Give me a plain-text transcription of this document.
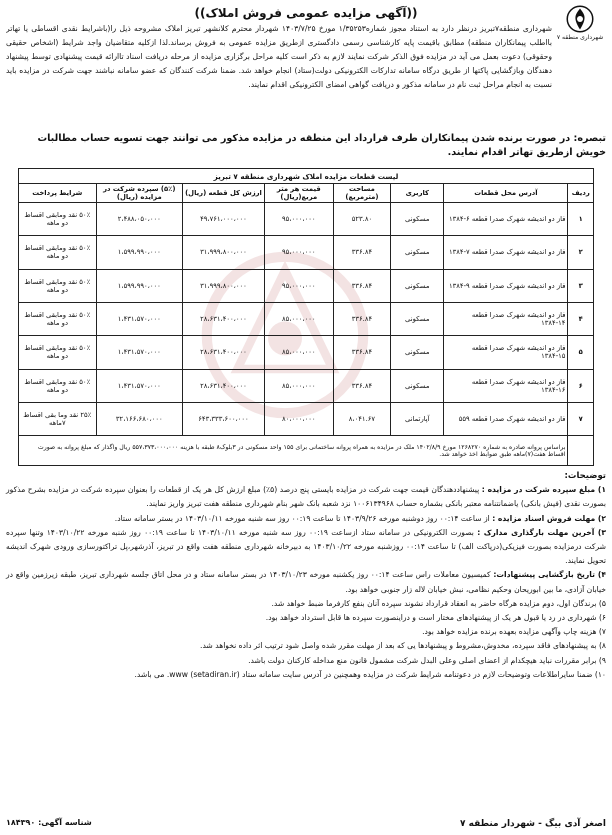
شهرداری منطقه ۷
((آگهی مزایده عمومی فروش املاک))
شهرداری منطقه۷تبریز درنظر دارد به استناد مجوز شماره۱/۳۵۲۵۳ مورخ ۱۴۰۳/۷/۲۵ شهردار محترم کلانشهر تبریز املاک مشروحه ذیل را(باشرایط نقدی اقساطی یا تهاتر بااطلب پیمانکاران منطقه) مطابق باقیمت پایه کارشناسی رسمی دادگستری ازطریق مزایده عمومی به فروش برساند.لذا ازکلیه متقاضیان واجد شرایط (اشخاص حقیقی وحقوقی) دعوت بعمل می آید در مزایده فوق الذکر شرکت نمایند لازم به ذکر است کلیه مراحل برگزاری مزایده از مرحله دریافت اسناد تاارائه قیمت پیشنهادی توسط پیشنهاد دهندگان وبازگشایی پاکتها از طریق درگاه سامانه تدارکات الکترونیکی دولت(ستاد) انجام خواهد شد. ضمنا شرکت کنندگان که عضو سامانه نباشند جهت شرکت در مزایده باید نسبت به انجام مراحل ثبت نام در سامانه مذکور و دریافت گواهی امضای الکترونیکی اقدام نمایند.
تبصره: در صورت برنده شدن پیمانکاران طرف قرارداد این منطقه در مزایده مذکور می توانند جهت تسویه حساب مطالبات خویش ازطریق تهاتر اقدام نمایند.
لیست قطعات مزایده املاک شهرداری منطقه ۷ تبریز							
ردیف	آدرس محل قطعات	کاربری	مساحت (مترمربع)	قیمت هر متر مربع(ریال)	ارزش کل قطعه (ریال)	(۵٪) سپرده شرکت در مزایده (ریال)	شرایط پرداخت
۱	فاز دو اندیشه شهرک صدرا قطعه ۶-۱۳۸۴	مسکونی	۵۲۳.۸۰	۹۵،۰۰۰،۰۰۰	۴۹،۷۶۱،۰۰۰،۰۰۰	۲،۴۸۸،۰۵۰،۰۰۰	۵۰٪ نقد ومابقی اقساط دو ماهه
۲	فاز دو اندیشه شهرک صدرا قطعه ۷-۱۳۸۴	مسکونی	۳۳۶.۸۴	۹۵،۰۰۰،۰۰۰	۳۱،۹۹۹،۸۰۰،۰۰۰	۱،۵۹۹،۹۹۰،۰۰۰	۵۰٪ نقد ومابقی اقساط دو ماهه
۳	فاز دو اندیشه شهرک صدرا قطعه ۹-۱۳۸۴	مسکونی	۳۳۶.۸۴	۹۵،۰۰۰،۰۰۰	۳۱،۹۹۹،۸۰۰،۰۰۰	۱،۵۹۹،۹۹۰،۰۰۰	۵۰٪ نقد ومابقی اقساط دو ماهه
۴	فاز دو اندیشه شهرک صدرا قطعه ۱۴-۱۳۸۴	مسکونی	۳۳۶.۸۴	۸۵،۰۰۰،۰۰۰	۲۸،۶۳۱،۴۰۰،۰۰۰	۱،۴۳۱،۵۷۰،۰۰۰	۵۰٪ نقد ومابقی اقساط دو ماهه
۵	فاز دو اندیشه شهرک صدرا قطعه ۱۵-۱۳۸۴	مسکونی	۳۳۶.۸۴	۸۵،۰۰۰،۰۰۰	۲۸،۶۳۱،۴۰۰،۰۰۰	۱،۴۳۱،۵۷۰،۰۰۰	۵۰٪ نقد ومابقی اقساط دو ماهه
۶	فاز دو اندیشه شهرک صدرا قطعه ۱۶-۱۳۸۴	مسکونی	۳۳۶.۸۴	۸۵،۰۰۰،۰۰۰	۲۸،۶۳۱،۴۰۰،۰۰۰	۱،۴۳۱،۵۷۰،۰۰۰	۵۰٪ نقد ومابقی اقساط دو ماهه
۷	فاز دو اندیشه شهرک صدرا قطعه ۵۵۹	آپارتمانی	۸،۰۴۱.۶۷	۸۰،۰۰۰،۰۰۰	۶۴۳،۳۳۳،۶۰۰،۰۰۰	۳۲،۱۶۶،۶۸۰،۰۰۰	۲۵٪ نقد وما بقی اقساط ۷ماهه
	براساس پروانه صادره به شماره ۱۲۶۸۲۷۰ مورخ ۱۴۰۲/۸/۹ ملک در مزایده به همراه پروانه ساختمانی برای ۱۵۵ واحد مسکونی در ۳بلوک۸ طبقه با هزینه ۵۵۷،۳۷۳،۰۰۰،۰۰۰ ریال واگذار که مبلغ پروانه به صورت اقساط هفت(۷)ماهه طبق ضوابط اخذ خواهد شد.						
توضیحات:
۱) مبلغ سپرده شرکت در مزایده : پیشنهاددهندگان قیمت جهت شرکت در مزایده بایستی پنج درصد (۵٪) مبلغ ارزش کل هر یک از قطعات را بعنوان سپرده شرکت در مزایده بشرح مذکور بصورت نقدی (فیش بانکی) یاضمانتنامه معتبر بانکی بشماره حساب ۱۰۰۶۱۳۴۹۶۸ نزد شعبه بانک شهر بنام شهرداری منطقه هفت تبریز واریز نمایند.
۲) مهلت فروش اسناد مزایده : از ساعت ۰۰:۱۴ روز دوشنبه مورخه ۱۴۰۳/۹/۲۶ تا ساعت ۰۰:۱۹ روز سه شنبه مورخه ۱۴۰۳/۱۰/۱۱ در بستر سامانه ستاد.
۳) آخرین مهلت بارگذاری مدارک : بصورت الکترونیکی در سامانه ستاد ازساعت ۰۰:۱۹ روز سه شنبه مورخه ۱۴۰۳/۱۰/۱۱ تا ساعت ۰۰:۱۹ روز شنبه مورخه ۱۴۰۳/۱۰/۲۲ وتنها سپرده شرکت درمزایده بصورت فیزیکی(درپاکت الف) تا ساعت ۰۰:۱۴ روزشنبه مورخه ۱۴۰۳/۱۰/۲۲ به دبیرخانه شهرداری منطقه هفت واقع در تبریز، آذرشهر،پل تراکتورسازی ورودی شهرک اندیشه تحویل نمایند.
۴) تاریخ بازگشایی پیشنهادات: کمیسیون معاملات راس ساعت ۰۰:۱۴ روز یکشنبه مورخه ۱۴۰۳/۱۰/۲۳ در بستر سامانه ستاد و در محل اتاق جلسه شهرداری تبریز، طبقه زیرزمین واقع در خیابان آزادی، ما بین ابوریحان وحکیم نظامی، نبش خیابان لاله زار جنوبی خواهد بود.
۵) برندگان اول، دوم مزایده هرگاه حاضر به انعقاد قرارداد نشوند سپرده آنان بنفع کارفرما ضبط خواهد شد.
۶) شهرداری در رد یا قبول هر یک از پیشنهادهای مختار است و دراینصورت سپرده ها قابل استرداد خواهد بود.
۷) هزینه چاپ وآگهی مزایده بعهده برنده مزایده خواهد بود.
۸) به پیشنهادهای فاقد سپرده، مخدوش،مشروط و پیشنهادها یی که بعد از مهلت مقرر شده واصل شود ترتیب اثر داده نخواهد شد.
۹) برابر مقررات نباید هیچکدام از اعضای اصلی وعلی البدل شرکت مشمول قانون منع مداخله کارکنان دولت باشد.
۱۰) ضمنا سایراطلاعات وتوضیحات لازم در دعوتنامه شرایط شرکت در مزایده وهمچنین در آدرس سایت سامانه ستاد (setadiran.ir) www. می باشد.
اصغر آدی بیگ - شهردار منطقه ۷
شناسه آگهی: ۱۸۴۳۹۰
